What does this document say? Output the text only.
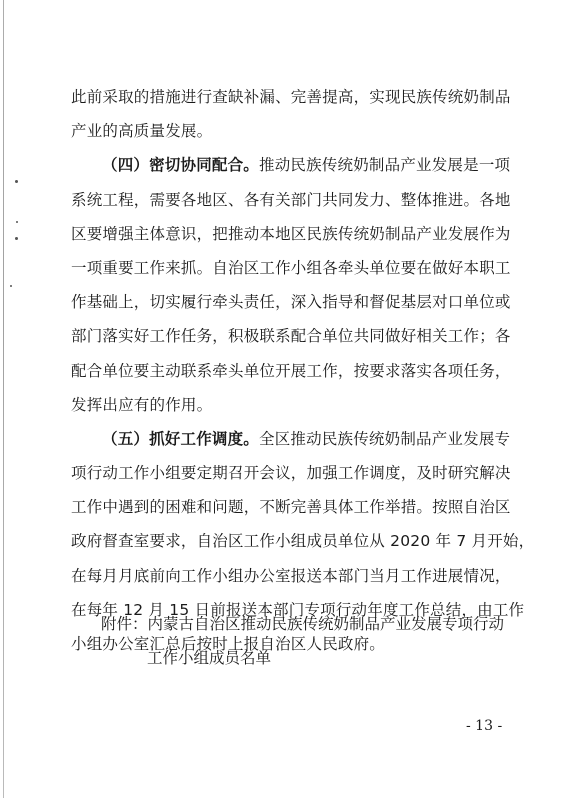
此前采取的措施进行查缺补漏、完善提高，实现民族传统奶制品
产业的高质量发展。
（四）密切协同配合。推动民族传统奶制品产业发展是一项
系统工程，需要各地区、各有关部门共同发力、整体推进。各地
区要增强主体意识，把推动本地区民族传统奶制品产业发展作为
一项重要工作来抓。自治区工作小组各牵头单位要在做好本职工
作基础上，切实履行牵头责任，深入指导和督促基层对口单位或
部门落实好工作任务，积极联系配合单位共同做好相关工作；各
配合单位要主动联系牵头单位开展工作，按要求落实各项任务，
发挥出应有的作用。
（五）抓好工作调度。全区推动民族传统奶制品产业发展专
项行动工作小组要定期召开会议，加强工作调度，及时研究解决
工作中遇到的困难和问题，不断完善具体工作举措。按照自治区
政府督查室要求，自治区工作小组成员单位从 2020 年 7 月开始，
在每月月底前向工作小组办公室报送本部门当月工作进展情况，
在每年 12 月 15 日前报送本部门专项行动年度工作总结，由工作
小组办公室汇总后按时上报自治区人民政府。
附件：内蒙古自治区推动民族传统奶制品产业发展专项行动
工作小组成员名单
- 13 -
